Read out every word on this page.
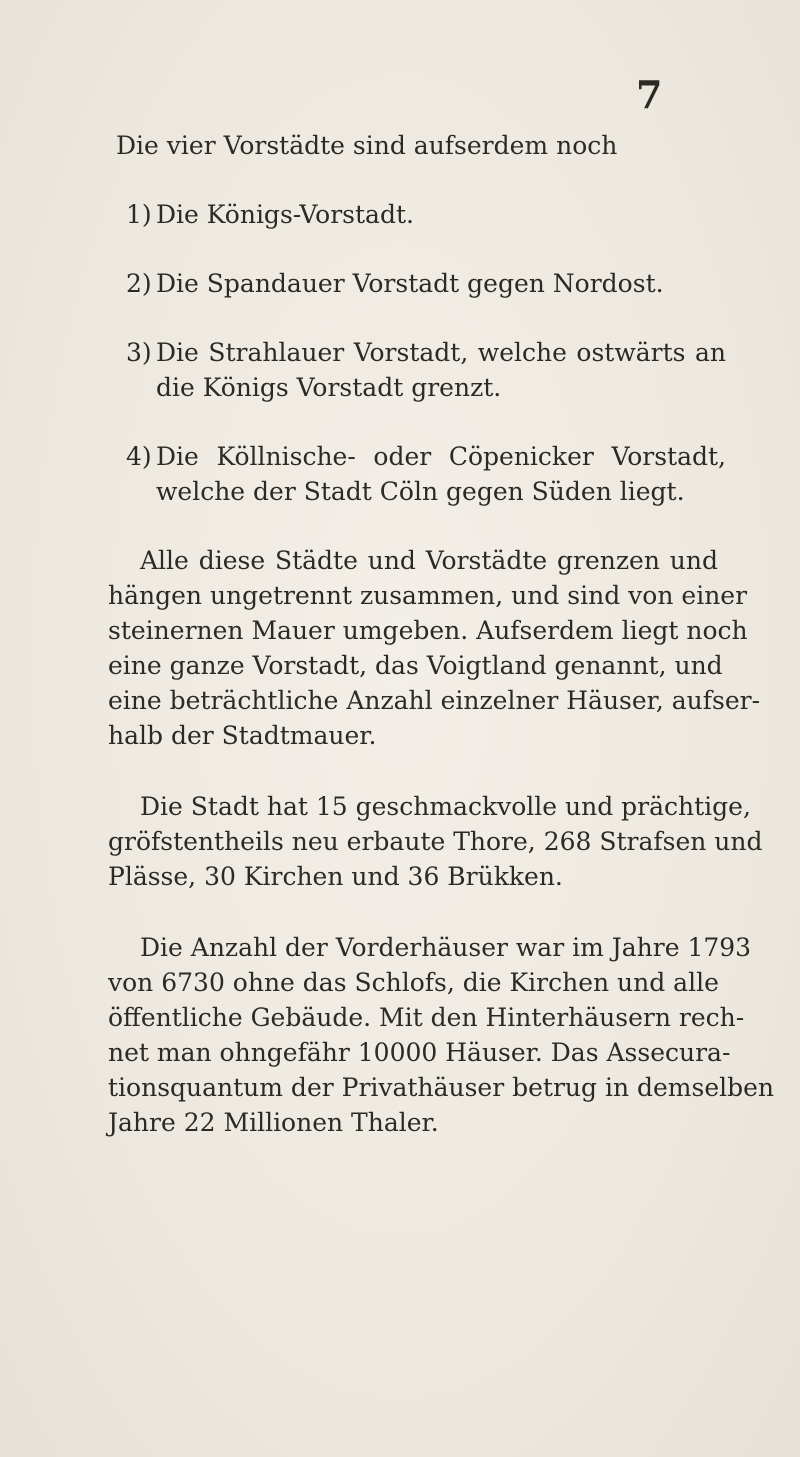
7

Die vier Vorstädte sind aufserdem noch

1) Die Königs-Vorstadt.

2) Die Spandauer Vorstadt gegen Nordost.

3) Die Strahlauer Vorstadt, welche ostwärts an

die Königs Vorstadt grenzt.

4) Die Köllnische- oder Cöpenicker Vorstadt,

welche der Stadt Cöln gegen Süden liegt.

Alle diese Städte und Vorstädte grenzen und

hängen ungetrennt zusammen, und sind von einer

steinernen Mauer umgeben. Aufserdem liegt noch

eine ganze Vorstadt, das Voigtland genannt, und

eine beträchtliche Anzahl einzelner Häuser, aufser-

halb der Stadtmauer.

Die Stadt hat 15 geschmackvolle und prächtige,

gröfstentheils neu erbaute Thore, 268 Strafsen und

Plässe, 30 Kirchen und 36 Brükken.

Die Anzahl der Vorderhäuser war im Jahre 1793

von 6730 ohne das Schlofs, die Kirchen und alle

öffentliche Gebäude. Mit den Hinterhäusern rech-

net man ohngefähr 10000 Häuser. Das Assecura-

tionsquantum der Privathäuser betrug in demselben

Jahre 22 Millionen Thaler.
